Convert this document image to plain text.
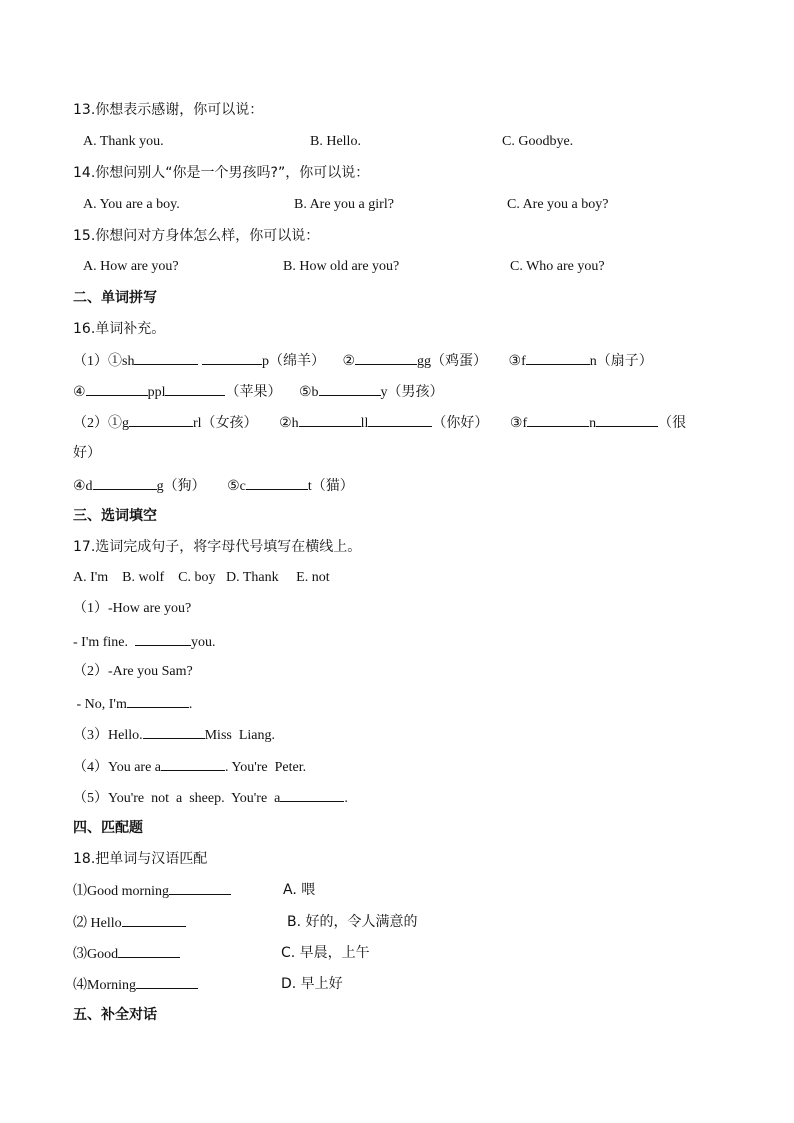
13.你想表示感谢，你可以说：
A. Thank you.	B. Hello.	C. Goodbye.
14.你想问别人“你是一个男孩吗?”，你可以说：
A. You are a boy.	B. Are you a girl?	C. Are you a boy?
15.你想问对方身体怎么样，你可以说：
A. How are you?	B. How old are you?	C. Who are you?
二、单词拼写
16.单词补充。
（1）①sh	p（绵羊） ②	gg（鸡蛋） ③f	n（扇子）
④	ppl	（苹果） ⑤b	y（男孩）
（2）①g	rl（女孩） ②h	ll	（你好） ③f	n	（很
好）
④d	g（狗） ⑤c	t（猫）
三、选词填空
17.选词完成句子，将字母代号填写在横线上。
A. I'm    B. wolf    C. boy   D. Thank     E. not
（1）-How are you?
- I'm fine.	you.
（2）-Are you Sam?
- No, I'm	.
（3）Hello.	Miss  Liang.
（4）You are a	. You're  Peter.
（5）You're  not  a  sheep.  You're  a	.
四、匹配题
18.把单词与汉语匹配
⑴Good morning	A. 喂
⑵ Hello	B. 好的，令人满意的
⑶Good	C. 早晨，上午
⑷Morning	D. 早上好
五、补全对话
